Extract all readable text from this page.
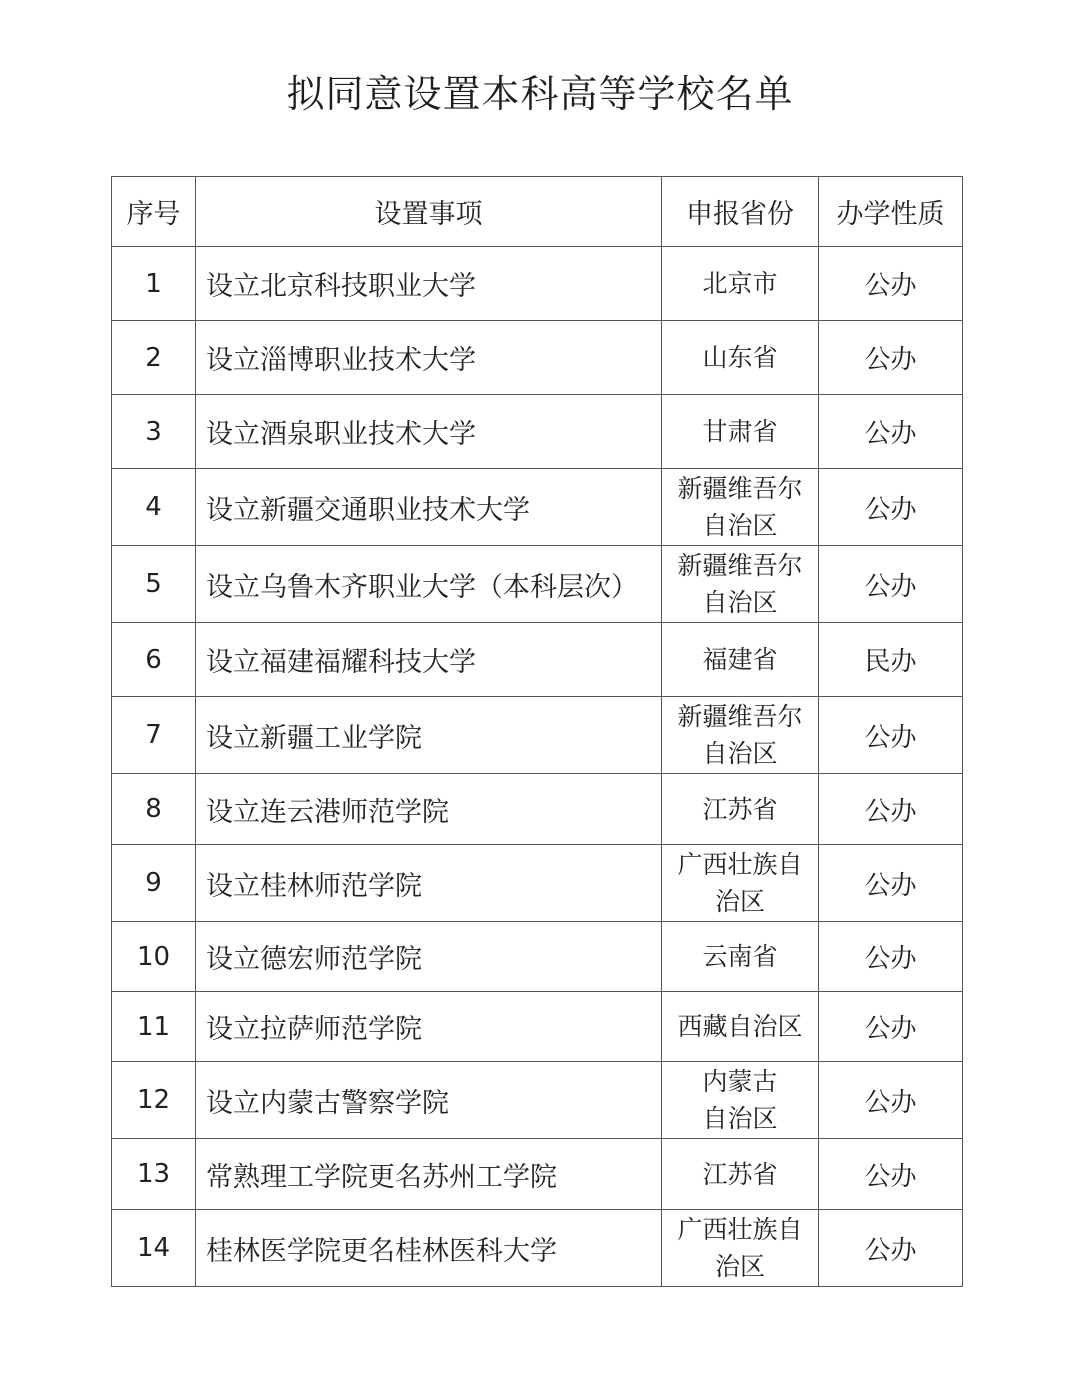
拟同意设置本科高等学校名单
序号	设置事项	申报省份	办学性质
1	设立北京科技职业大学	北京市	公办
2	设立淄博职业技术大学	山东省	公办
3	设立酒泉职业技术大学	甘肃省	公办
4	设立新疆交通职业技术大学	新疆维吾尔自治区	公办
5	设立乌鲁木齐职业大学（本科层次）	新疆维吾尔自治区	公办
6	设立福建福耀科技大学	福建省	民办
7	设立新疆工业学院	新疆维吾尔自治区	公办
8	设立连云港师范学院	江苏省	公办
9	设立桂林师范学院	广西壮族自治区	公办
10	设立德宏师范学院	云南省	公办
11	设立拉萨师范学院	西藏自治区	公办
12	设立内蒙古警察学院	内蒙古自治区	公办
13	常熟理工学院更名苏州工学院	江苏省	公办
14	桂林医学院更名桂林医科大学	广西壮族自治区	公办
